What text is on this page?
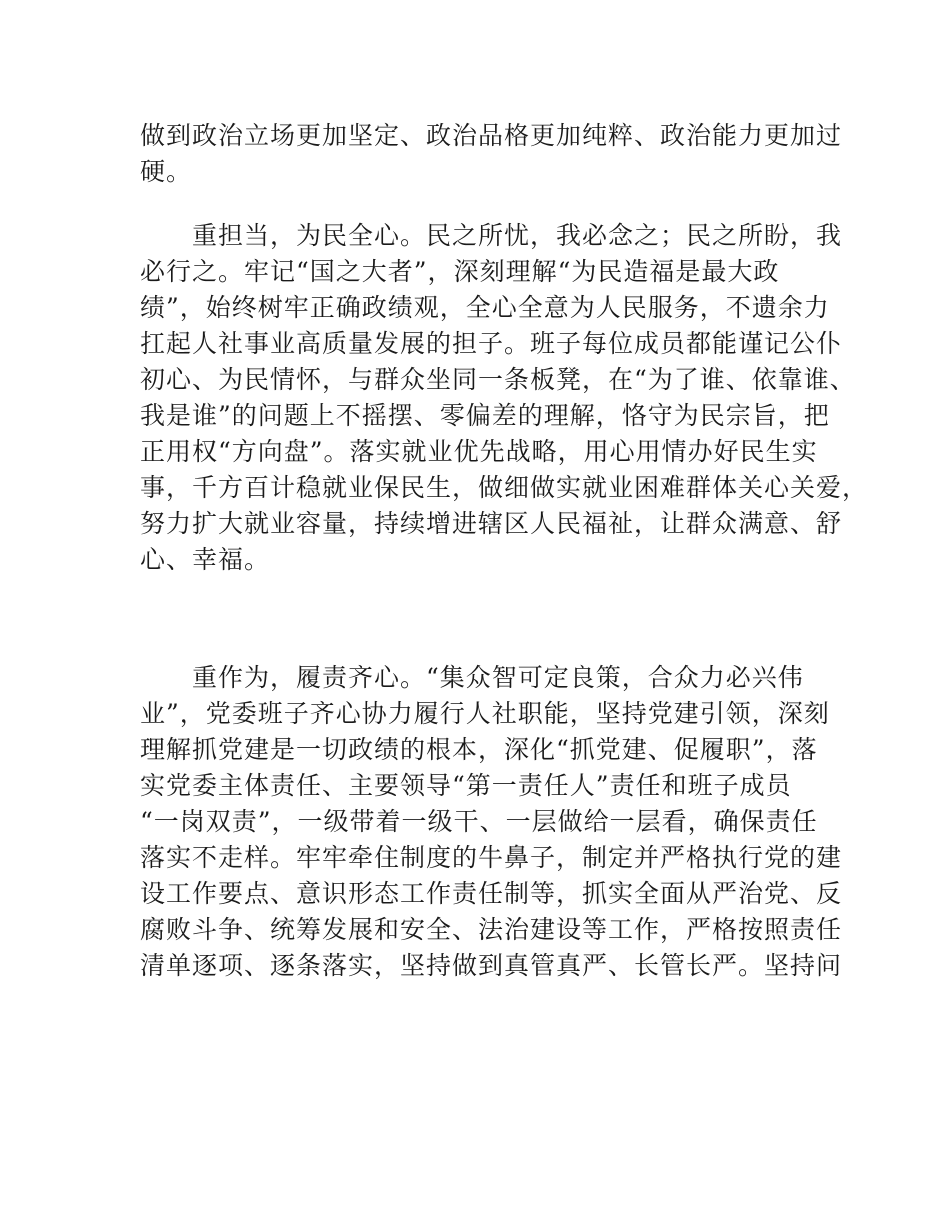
做到政治立场更加坚定、政治品格更加纯粹、政治能力更加过
硬。
　　重担当，为民全心。民之所忧，我必念之；民之所盼，我
必行之。牢记“国之大者”，深刻理解“为民造福是最大政
绩”，始终树牢正确政绩观，全心全意为人民服务，不遗余力
扛起人社事业高质量发展的担子。班子每位成员都能谨记公仆
初心、为民情怀，与群众坐同一条板凳，在“为了谁、依靠谁、
我是谁”的问题上不摇摆、零偏差的理解，恪守为民宗旨，把
正用权“方向盘”。落实就业优先战略，用心用情办好民生实
事，千方百计稳就业保民生，做细做实就业困难群体关心关爱，
努力扩大就业容量，持续增进辖区人民福祉，让群众满意、舒
心、幸福。
　　重作为，履责齐心。“集众智可定良策，合众力必兴伟
业”，党委班子齐心协力履行人社职能，坚持党建引领，深刻
理解抓党建是一切政绩的根本，深化“抓党建、促履职”，落
实党委主体责任、主要领导“第一责任人”责任和班子成员
“一岗双责”，一级带着一级干、一层做给一层看，确保责任
落实不走样。牢牢牵住制度的牛鼻子，制定并严格执行党的建
设工作要点、意识形态工作责任制等，抓实全面从严治党、反
腐败斗争、统筹发展和安全、法治建设等工作，严格按照责任
清单逐项、逐条落实，坚持做到真管真严、长管长严。坚持问
